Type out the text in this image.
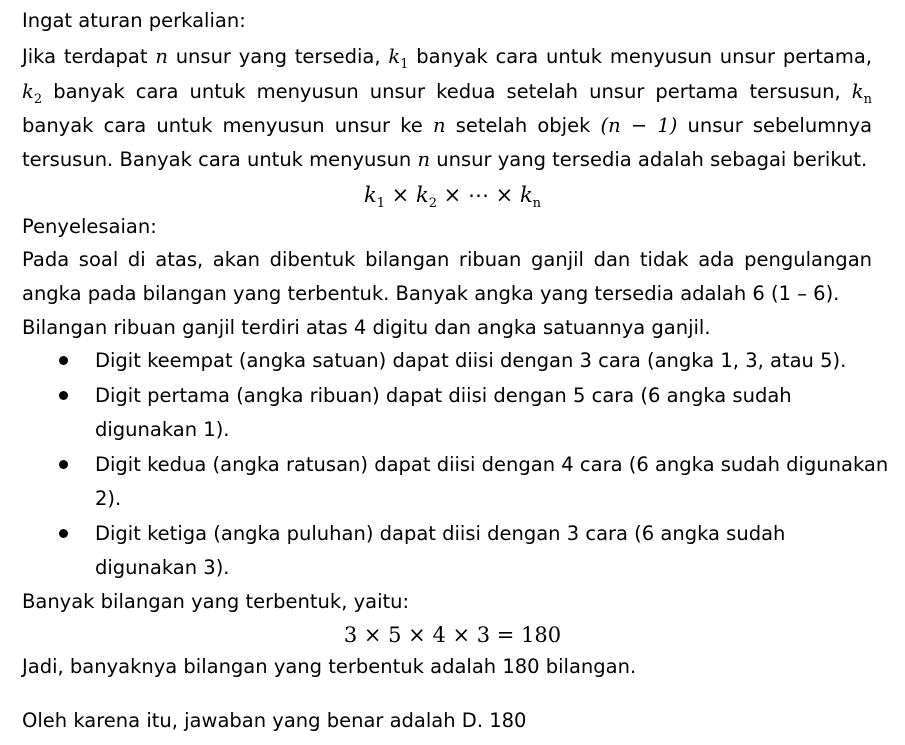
Ingat aturan perkalian:
Jika terdapat n unsur yang tersedia, $k_1$ banyak cara untuk menyusun unsur pertama,
$k_2$ banyak cara untuk menyusun unsur kedua setelah unsur pertama tersusun, $k_n$
banyak cara untuk menyusun unsur ke n setelah objek (n − 1) unsur sebelumnya
tersusun. Banyak cara untuk menyusun n unsur yang tersedia adalah sebagai berikut.
$k_1 \times k_2$ × ⋯ × $k_n$
Penyelesaian:
Pada soal di atas, akan dibentuk bilangan ribuan ganjil dan tidak ada pengulangan
angka pada bilangan yang terbentuk. Banyak angka yang tersedia adalah 6 (1 – 6).
Bilangan ribuan ganjil terdiri atas 4 digitu dan angka satuannya ganjil.
Digit keempat (angka satuan) dapat diisi dengan 3 cara (angka 1, 3, atau 5).
Digit pertama (angka ribuan) dapat diisi dengan 5 cara (6 angka sudah
digunakan 1).
Digit kedua (angka ratusan) dapat diisi dengan 4 cara (6 angka sudah digunakan
2).
Digit ketiga (angka puluhan) dapat diisi dengan 3 cara (6 angka sudah
digunakan 3).
Banyak bilangan yang terbentuk, yaitu:
3 × 5 × 4 × 3 = 180
Jadi, banyaknya bilangan yang terbentuk adalah 180 bilangan.
Oleh karena itu, jawaban yang benar adalah D. 180
